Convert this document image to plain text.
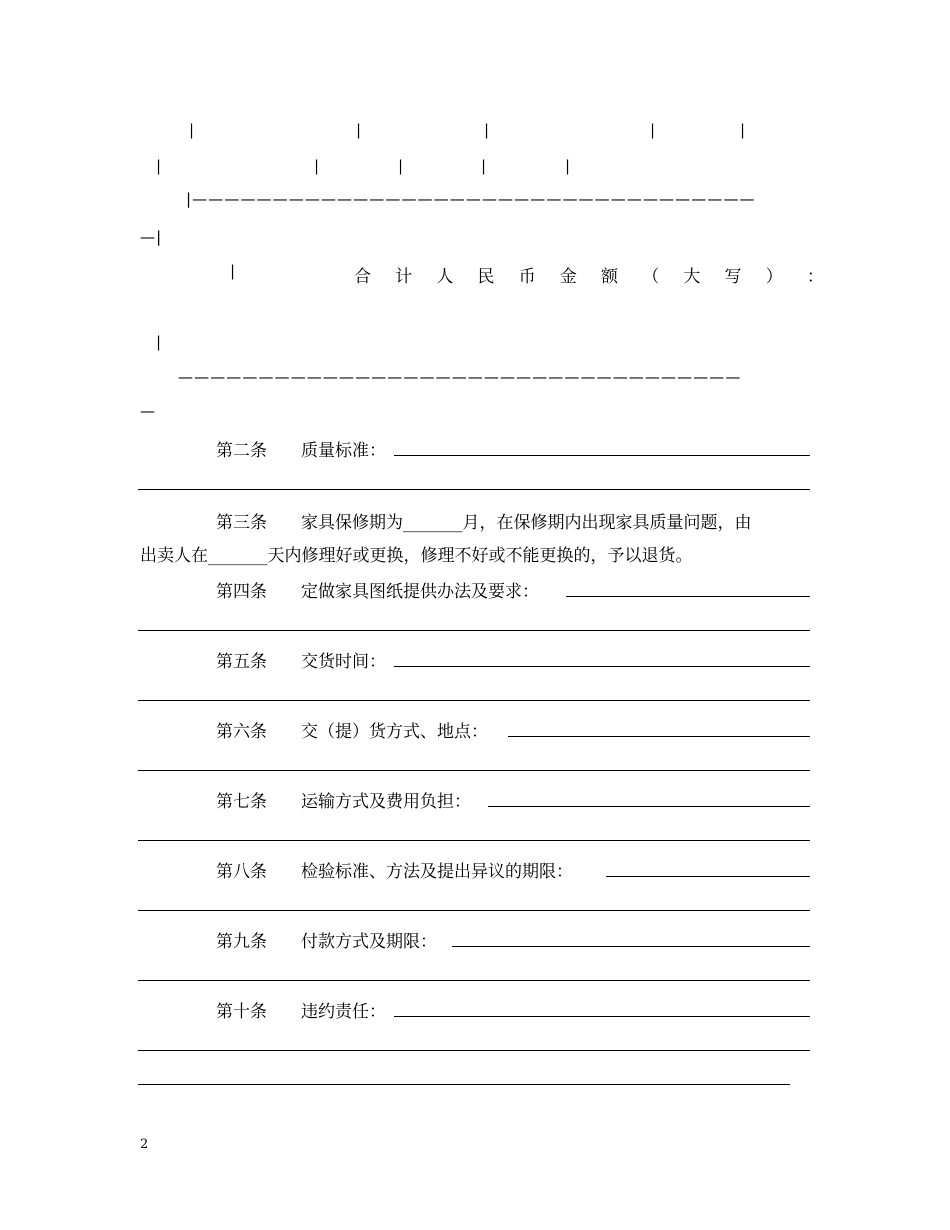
|	|	|	|	|
|	|	|	|	|
|———————————————————————————————————
—|
|	合 计 人 民 币 金 额 （ 大 写 ） ：
|
———————————————————————————————————
—
第二条 质量标准：
第三条 家具保修期为_______月，在保修期内出现家具质量问题，由
出卖人在_______天内修理好或更换，修理不好或不能更换的，予以退货。
第四条 定做家具图纸提供办法及要求：
第五条 交货时间：
第六条 交（提）货方式、地点：
第七条 运输方式及费用负担：
第八条 检验标准、方法及提出异议的期限：
第九条 付款方式及期限：
第十条 违约责任：
2
